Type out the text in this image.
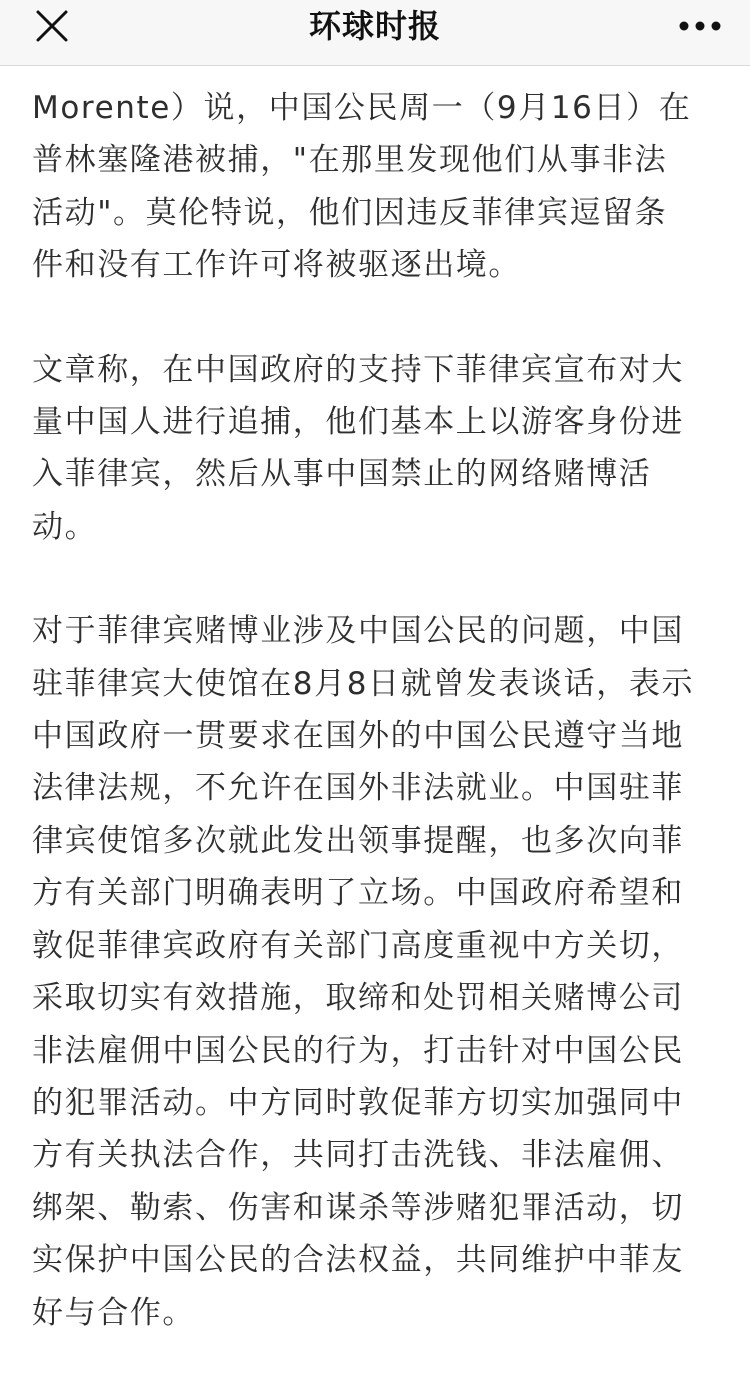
环球时报

Morente）说，中国公民周一（9月16日）在
普林塞隆港被捕，"在那里发现他们从事非法
活动"。莫伦特说，他们因违反菲律宾逗留条
件和没有工作许可将被驱逐出境。

文章称，在中国政府的支持下菲律宾宣布对大
量中国人进行追捕，他们基本上以游客身份进
入菲律宾，然后从事中国禁止的网络赌博活
动。

对于菲律宾赌博业涉及中国公民的问题，中国
驻菲律宾大使馆在8月8日就曾发表谈话，表示
中国政府一贯要求在国外的中国公民遵守当地
法律法规，不允许在国外非法就业。中国驻菲
律宾使馆多次就此发出领事提醒，也多次向菲
方有关部门明确表明了立场。中国政府希望和
敦促菲律宾政府有关部门高度重视中方关切，
采取切实有效措施，取缔和处罚相关赌博公司
非法雇佣中国公民的行为，打击针对中国公民
的犯罪活动。中方同时敦促菲方切实加强同中
方有关执法合作，共同打击洗钱、非法雇佣、
绑架、勒索、伤害和谋杀等涉赌犯罪活动，切
实保护中国公民的合法权益，共同维护中菲友
好与合作。
